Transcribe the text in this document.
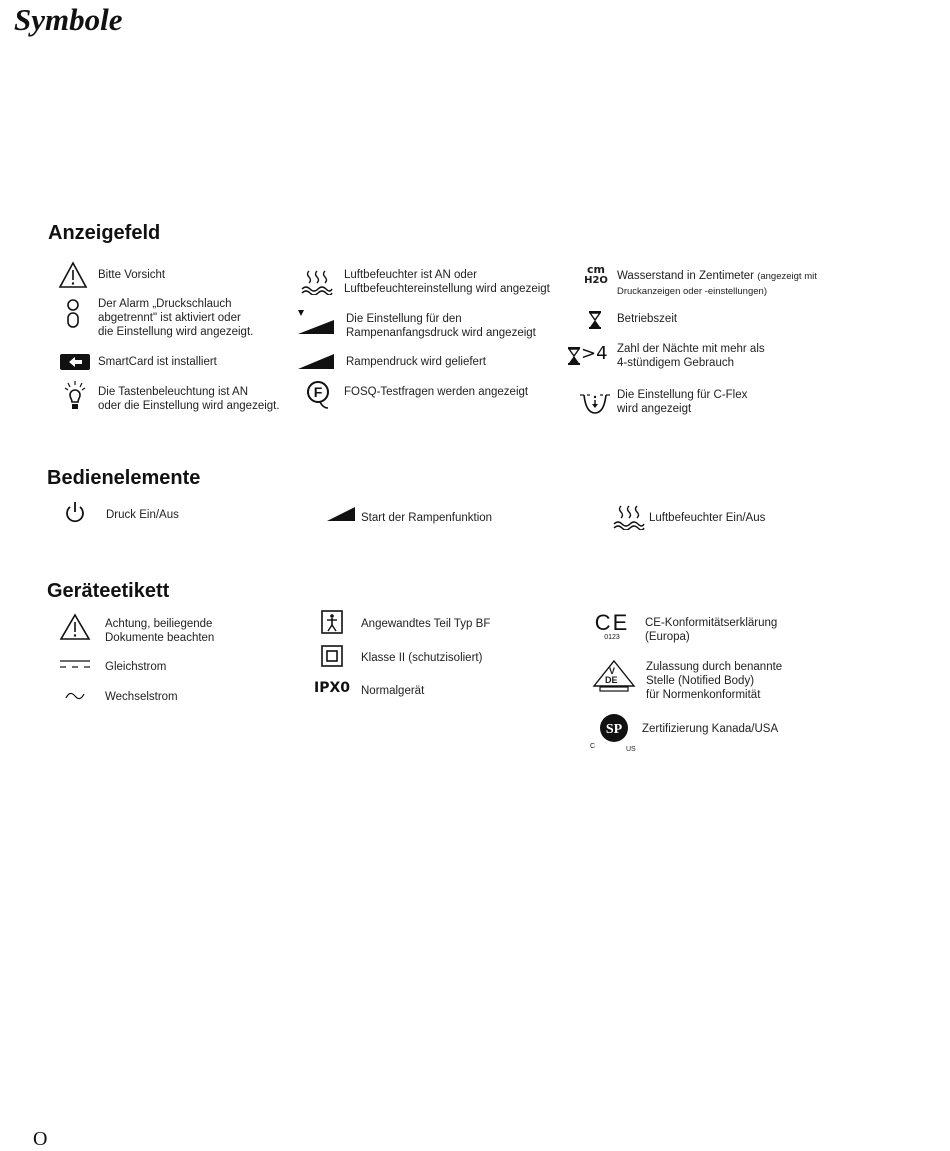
Symbole
Anzeigefeld
Bitte Vorsicht
Der Alarm „Druckschlauch
abgetrennt" ist aktiviert oder
die Einstellung wird angezeigt.
SmartCard ist installiert
Die Tastenbeleuchtung ist AN
oder die Einstellung wird angezeigt.
Luftbefeuchter ist AN oder
Luftbefeuchtereinstellung wird angezeigt
Die Einstellung für den
Rampenanfangsdruck wird angezeigt
Rampendruck wird geliefert
F FOSQ-Testfragen werden angezeigt
cm
H2O Wasserstand in Zentimeter (angezeigt mit
Druckanzeigen oder -einstellungen)
Betriebszeit
>4 Zahl der Nächte mit mehr als
4-stündigem Gebrauch
Die Einstellung für C-Flex
wird angezeigt
Bedienelemente
Druck Ein/Aus	Start der Rampenfunktion	Luftbefeuchter Ein/Aus
Geräteetikett
Achtung, beiliegende
Dokumente beachten
Gleichstrom
Wechselstrom
Angewandtes Teil Typ BF
Klasse II (schutzisoliert)
IPX0 Normalgerät
CE
0123
CE-Konformitätserklärung
(Europa)
V
DE
Zulassung durch benannte
Stelle (Notified Body)
für Normenkonformität
SP
C	US
Zertifizierung Kanada/USA
O
